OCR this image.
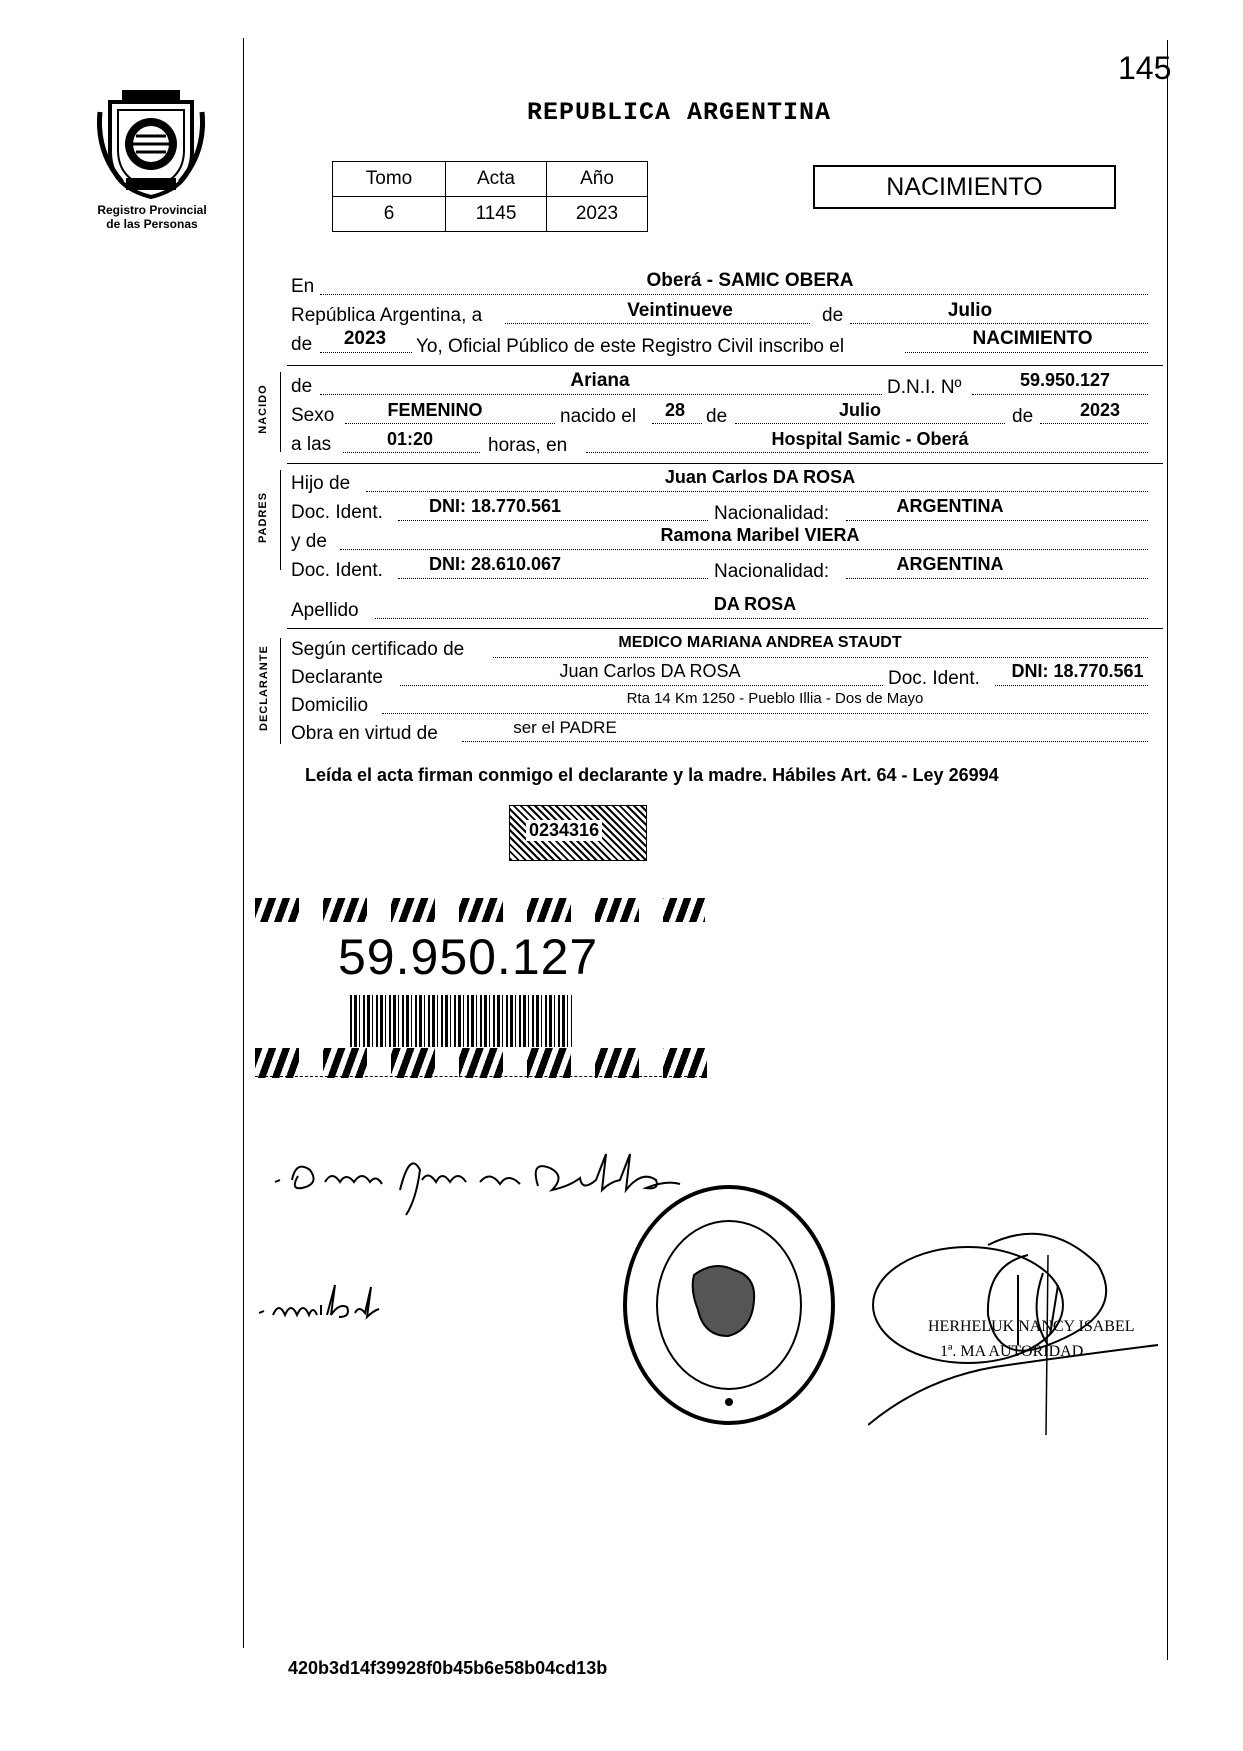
145
Registro Provincial
de las Personas
REPUBLICA ARGENTINA
Tomo	Acta	Año
6	1145	2023
NACIMIENTO
En	Oberá - SAMIC OBERA
República Argentina, a	Veintinueve	de	Julio
de	2023	Yo, Oficial Público de este Registro Civil inscribo el	NACIMIENTO
NACIDO de	Ariana	D.N.I. Nº	59.950.127
Sexo	FEMENINO	nacido el	28	de	Julio	de	2023
a las	01:20	horas, en	Hospital Samic - Oberá
PADRES
Hijo de	Juan Carlos DA ROSA
Doc. Ident.	DNI: 18.770.561	Nacionalidad:	ARGENTINA
y de	Ramona Maribel VIERA
Doc. Ident.	DNI: 28.610.067	Nacionalidad:	ARGENTINA
Apellido	DA ROSA
DECLARANTE Según certificado de	MEDICO MARIANA ANDREA STAUDT
Declarante	Juan Carlos DA ROSA	Doc. Ident.	DNI: 18.770.561
Domicilio	Rta 14 Km 1250 - Pueblo Illia - Dos de Mayo
Obra en virtud de	ser el PADRE
Leída el acta firman conmigo el declarante y la madre. Hábiles Art. 64 - Ley 26994
0234316
59.950.127
HERHELUK NANCY ISABEL
1ª. MA AUTORIDAD
420b3d14f39928f0b45b6e58b04cd13b
